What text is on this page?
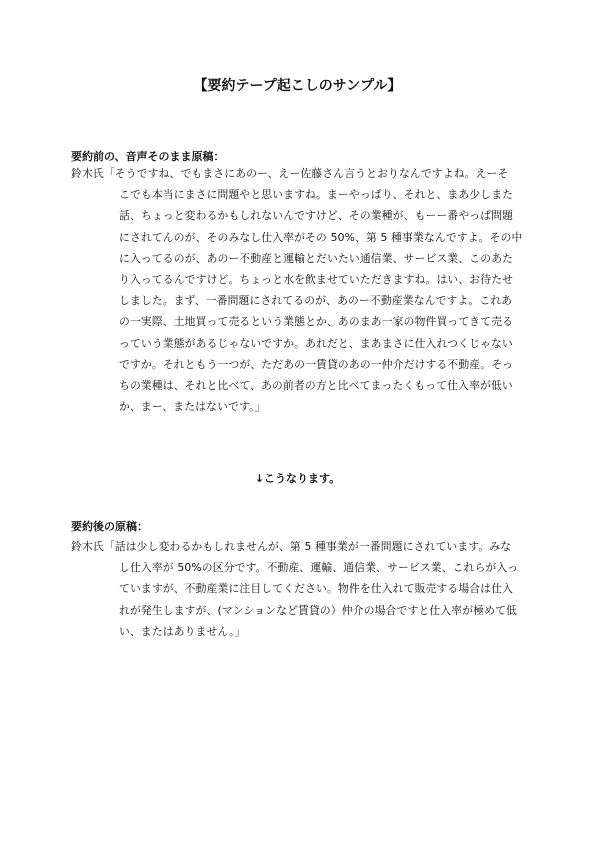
【要約テープ起こしのサンプル】
要約前の、音声そのまま原稿：
鈴木氏「そうですね、でもまさにあのー、えー佐藤さん言うとおりなんですよね。えーそ
こでも本当にまさに問題やと思いますね。まーやっぱり、それと、まあ少しまた
話、ちょっと変わるかもしれないんですけど、その業種が、もーー番やっぱ問題
にされてんのが、そのみなし仕入率がその 50%、第 5 種事業なんですよ。その中
に入ってるのが、あのー不動産と運輸とだいたい通信業、サービス業、このあた
り入ってるんですけど。ちょっと水を飲ませていただきますね。はい、お待たせ
しました。まず、一番問題にされてるのが、あのー不動産業なんですよ。これあ
の一実際、土地買って売るという業態とか、あのまあ一家の物件買ってきて売る
っていう業態があるじゃないですか。あれだと、まあまさに仕入れつくじゃない
ですか。それともう一つが、ただあの一賃貸のあの一仲介だけする不動産。そっ
ちの業種は、それと比べて、あの前者の方と比べてまったくもって仕入率が低い
か、まー、またはないです。」
↓こうなります。
要約後の原稿：
鈴木氏「話は少し変わるかもしれませんが、第 5 種事業が一番問題にされています。みな
し仕入率が 50%の区分です。不動産、運輸、通信業、サービス業、これらが入っ
ていますが、不動産業に注目してください。物件を仕入れて販売する場合は仕入
れが発生しますが、(マンションなど賃貸の）仲介の場合ですと仕入率が極めて低
い、またはありません。」
